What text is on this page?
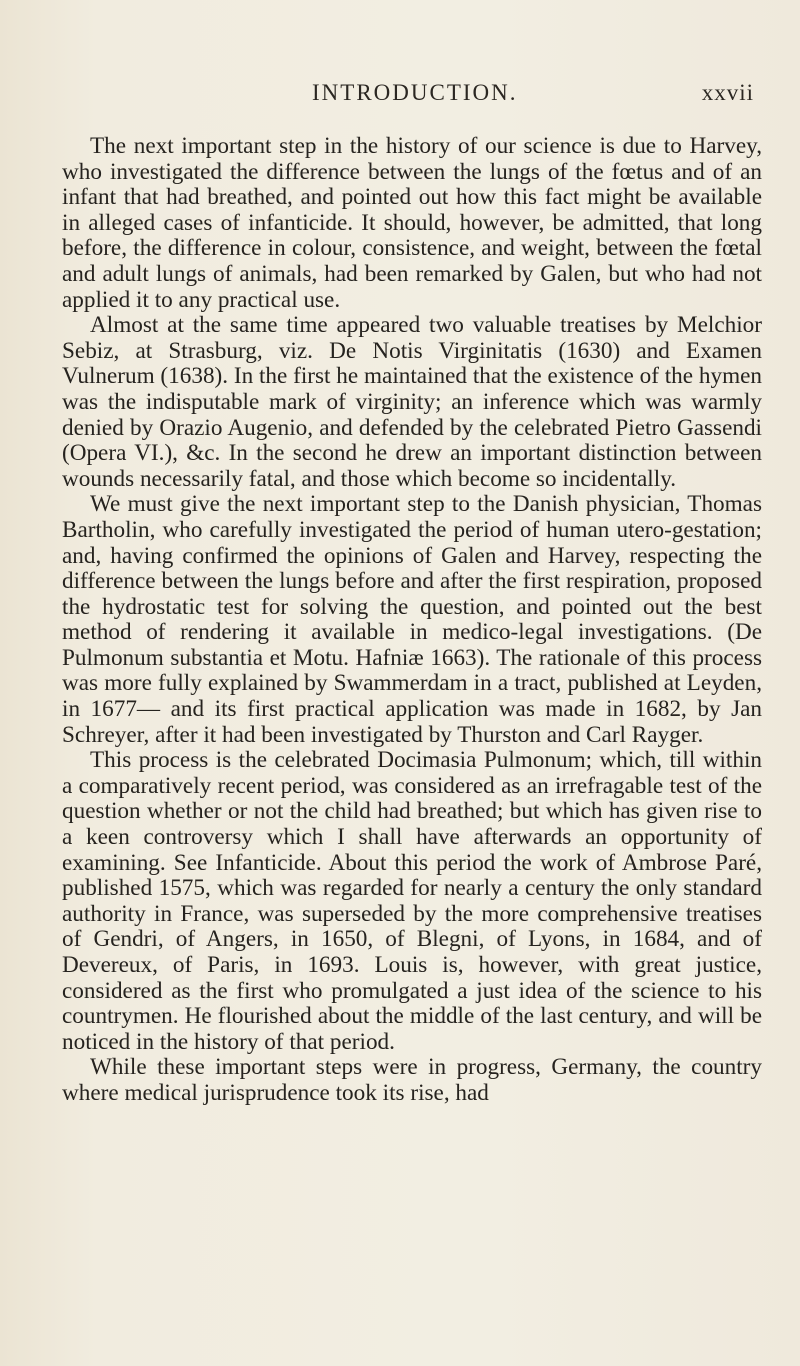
INTRODUCTION.	xxvii

The next important step in the history of our science is due to Harvey, who investigated the difference between the lungs of the fœtus and of an infant that had breathed, and pointed out how this fact might be available in alleged cases of infanticide. It should, however, be admitted, that long before, the difference in colour, consistence, and weight, between the fœtal and adult lungs of animals, had been remarked by Galen, but who had not applied it to any practical use.

Almost at the same time appeared two valuable treatises by Melchior Sebiz, at Strasburg, viz. De Notis Virginitatis (1630) and Examen Vulnerum (1638). In the first he maintained that the existence of the hymen was the indisputable mark of virginity; an inference which was warmly denied by Orazio Augenio, and defended by the celebrated Pietro Gassendi (Opera VI.), &c. In the second he drew an important distinction between wounds necessarily fatal, and those which become so incidentally.

We must give the next important step to the Danish physician, Thomas Bartholin, who carefully investigated the period of human utero-gestation; and, having confirmed the opinions of Galen and Harvey, respecting the difference between the lungs before and after the first respiration, proposed the hydrostatic test for solving the question, and pointed out the best method of rendering it available in medico-legal investigations. (De Pulmonum substantia et Motu. Hafniæ 1663). The rationale of this process was more fully explained by Swammerdam in a tract, published at Leyden, in 1677— and its first practical application was made in 1682, by Jan Schreyer, after it had been investigated by Thurston and Carl Rayger.

This process is the celebrated Docimasia Pulmonum; which, till within a comparatively recent period, was considered as an irrefragable test of the question whether or not the child had breathed; but which has given rise to a keen controversy which I shall have afterwards an opportunity of examining. See Infanticide. About this period the work of Ambrose Paré, published 1575, which was regarded for nearly a century the only standard authority in France, was superseded by the more comprehensive treatises of Gendri, of Angers, in 1650, of Blegni, of Lyons, in 1684, and of Devereux, of Paris, in 1693. Louis is, however, with great justice, considered as the first who promulgated a just idea of the science to his countrymen. He flourished about the middle of the last century, and will be noticed in the history of that period.

While these important steps were in progress, Germany, the country where medical jurisprudence took its rise, had
